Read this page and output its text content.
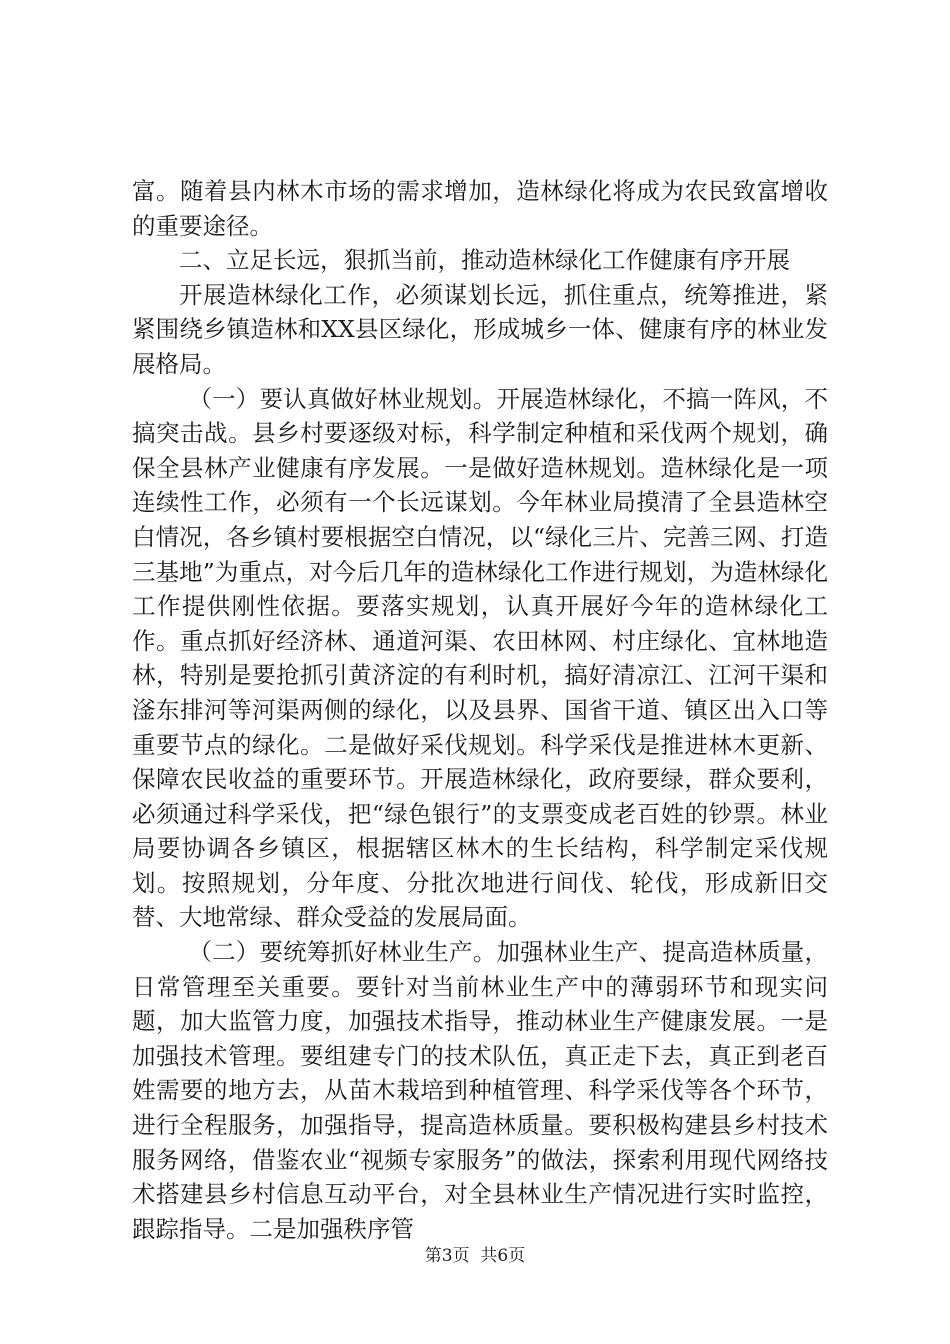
富。随着县内林木市场的需求增加，造林绿化将成为农民致富增收的重要途径。

二、立足长远，狠抓当前，推动造林绿化工作健康有序开展

开展造林绿化工作，必须谋划长远，抓住重点，统筹推进，紧紧围绕乡镇造林和XX县区绿化，形成城乡一体、健康有序的林业发展格局。

（一）要认真做好林业规划。开展造林绿化，不搞一阵风，不搞突击战。县乡村要逐级对标，科学制定种植和采伐两个规划，确保全县林产业健康有序发展。一是做好造林规划。造林绿化是一项连续性工作，必须有一个长远谋划。今年林业局摸清了全县造林空白情况，各乡镇村要根据空白情况，以“绿化三片、完善三网、打造三基地”为重点，对今后几年的造林绿化工作进行规划，为造林绿化工作提供刚性依据。要落实规划，认真开展好今年的造林绿化工作。重点抓好经济林、通道河渠、农田林网、村庄绿化、宜林地造林，特别是要抢抓引黄济淀的有利时机，搞好清凉江、江河干渠和滏东排河等河渠两侧的绿化，以及县界、国省干道、镇区出入口等重要节点的绿化。二是做好采伐规划。科学采伐是推进林木更新、保障农民收益的重要环节。开展造林绿化，政府要绿，群众要利，必须通过科学采伐，把“绿色银行”的支票变成老百姓的钞票。林业局要协调各乡镇区，根据辖区林木的生长结构，科学制定采伐规划。按照规划，分年度、分批次地进行间伐、轮伐，形成新旧交替、大地常绿、群众受益的发展局面。

（二）要统筹抓好林业生产。加强林业生产、提高造林质量，日常管理至关重要。要针对当前林业生产中的薄弱环节和现实问题，加大监管力度，加强技术指导，推动林业生产健康发展。一是加强技术管理。要组建专门的技术队伍，真正走下去，真正到老百姓需要的地方去，从苗木栽培到种植管理、科学采伐等各个环节，进行全程服务，加强指导，提高造林质量。要积极构建县乡村技术服务网络，借鉴农业“视频专家服务”的做法，探索利用现代网络技术搭建县乡村信息互动平台，对全县林业生产情况进行实时监控，跟踪指导。二是加强秩序管

第3页  共6页
